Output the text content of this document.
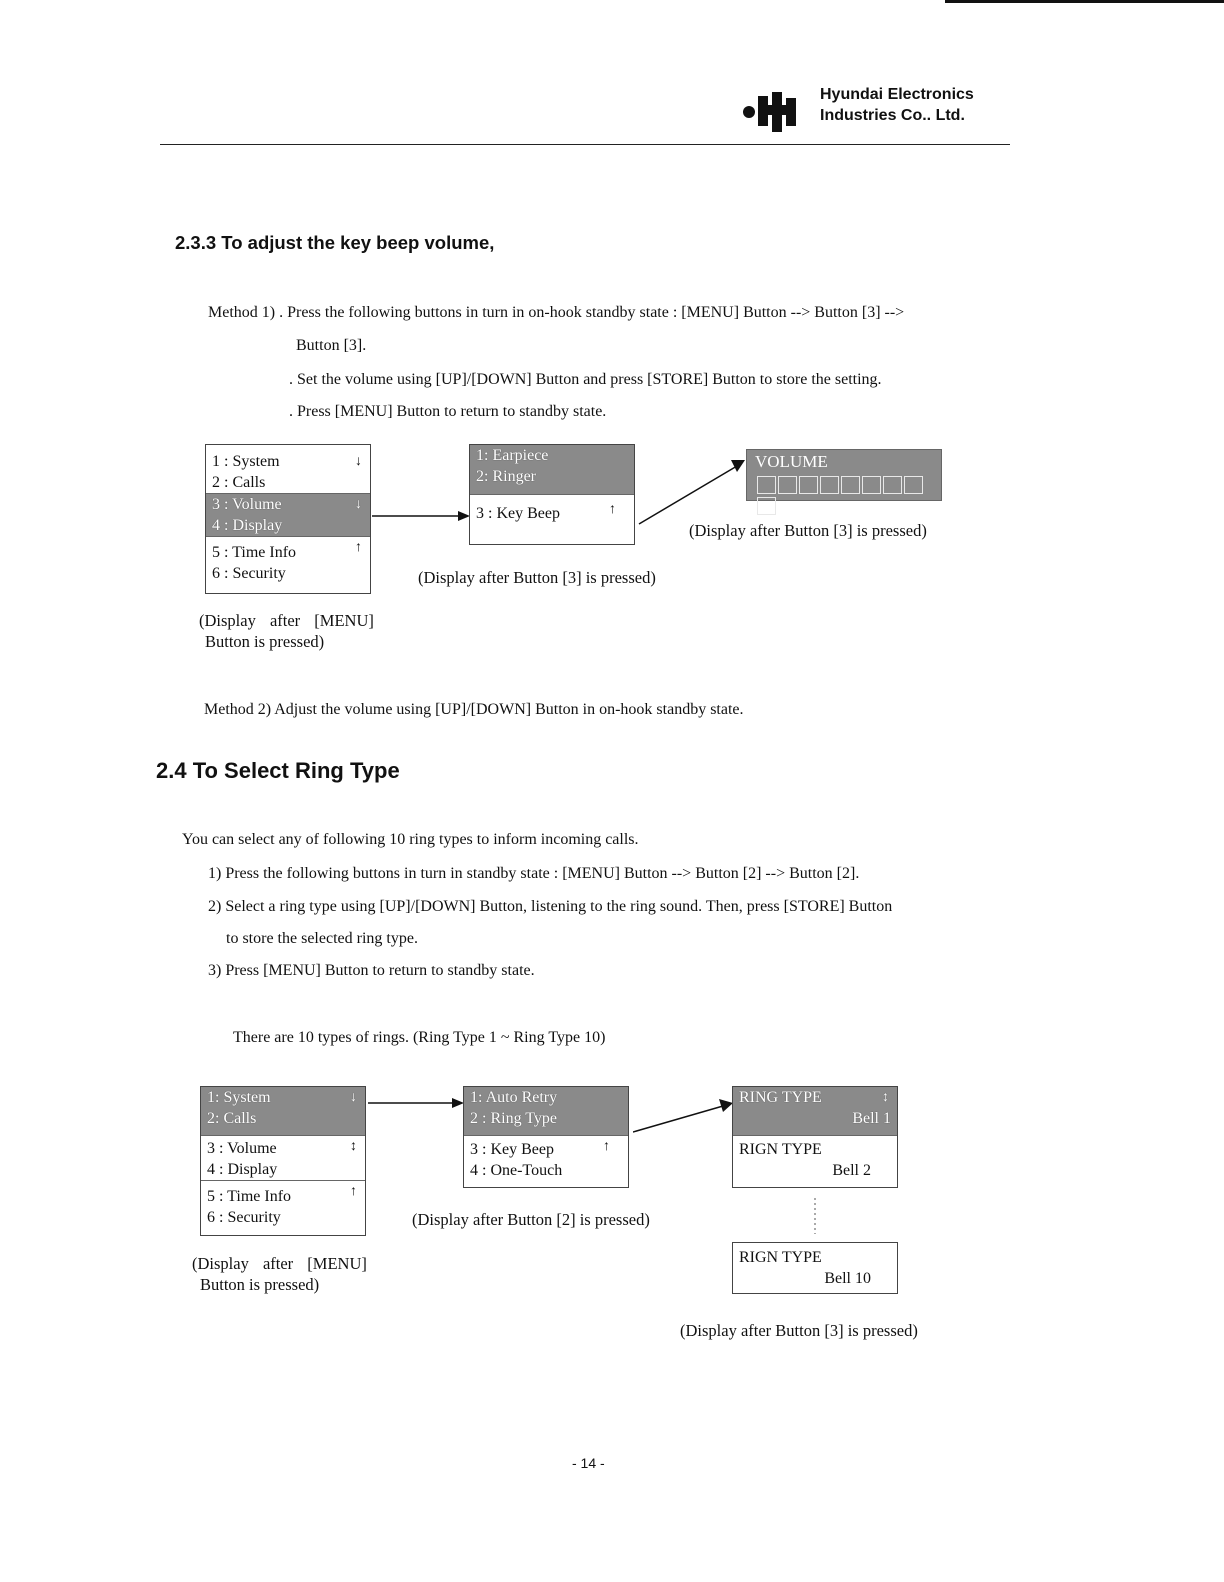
Hyundai Electronics
Industries Co.. Ltd.
2.3.3 To adjust the key beep volume,
Method 1) . Press the following buttons in turn in on-hook standby state : [MENU] Button --> Button [3] -->
Button [3].
. Set the volume using [UP]/[DOWN] Button and press [STORE] Button to store the setting.
. Press [MENU] Button to return to standby state.
1 : System	↓
2 : Calls
3 : Volume	↓
4 : Display
5 : Time Info	↑
6 : Security
(Display after [MENU]
Button is pressed)
1: Earpiece
2: Ringer
3 : Key Beep	↑
(Display after Button [3] is pressed)
VOLUME
(Display after Button [3] is pressed)
Method 2) Adjust the volume using [UP]/[DOWN] Button in on-hook standby state.
2.4 To Select Ring Type
You can select any of following 10 ring types to inform incoming calls.
1) Press the following buttons in turn in standby state : [MENU] Button --> Button [2] --> Button [2].
2) Select a ring type using [UP]/[DOWN] Button, listening to the ring sound. Then, press [STORE] Button
to store the selected ring type.
3) Press [MENU] Button to return to standby state.
There are 10 types of rings. (Ring Type 1 ~ Ring Type 10)
1: System	↓
2: Calls
3 : Volume	↕
4 : Display
5 : Time Info	↑
6 : Security
(Display after [MENU]
Button is pressed)
1: Auto Retry
2 : Ring Type
3 : Key Beep	↑
4 : One-Touch
(Display after Button [2] is pressed)
RING TYPE	↕
Bell 1
RIGN TYPE
Bell 2
RIGN TYPE
Bell 10
(Display after Button [3] is pressed)
- 14 -
